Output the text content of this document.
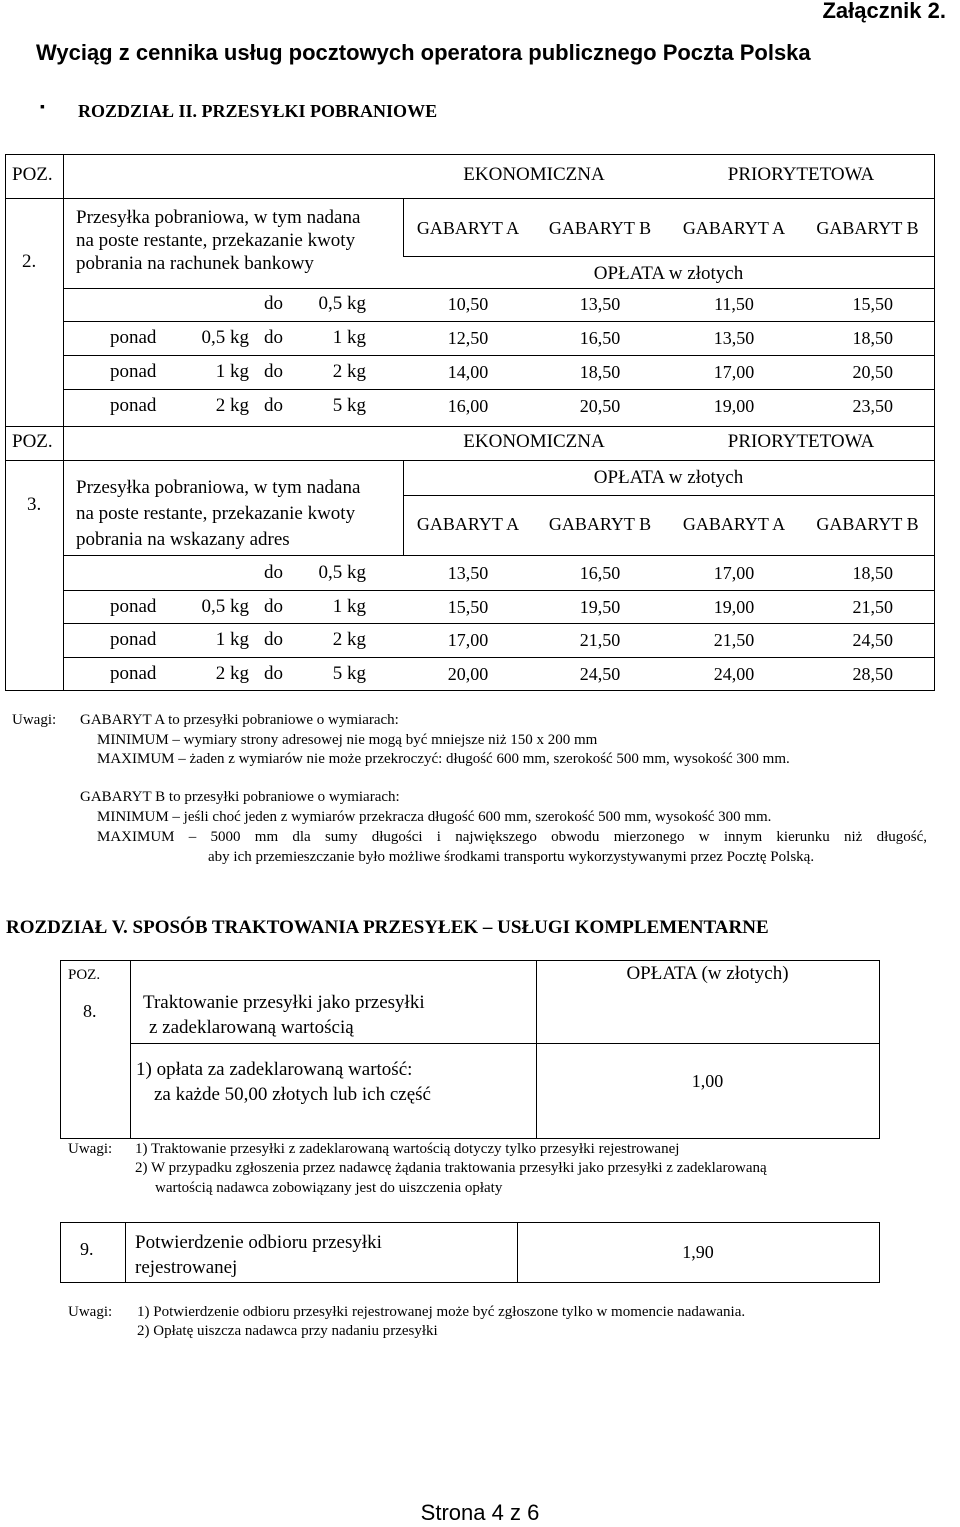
Załącznik 2.
Wyciąg z cennika usług pocztowych operatora publicznego Poczta Polska
▪ ROZDZIAŁ II. PRZESYŁKI POBRANIOWE
POZ.	EKONOMICZNA	PRIORYTETOWA
2.
Przesyłka pobraniowa, w tym nadana
na poste restante, przekazanie kwoty
pobrania na rachunek bankowy
GABARYT A	GABARYT B	GABARYT A	GABARYT B
OPŁATA w złotych
do	0,5 kg	10,50	13,50	11,50	15,50
ponad	0,5 kg do	1 kg	12,50	16,50	13,50	18,50
ponad	1 kg do	2 kg	14,00	18,50	17,00	20,50
ponad	2 kg do	5 kg	16,00	20,50	19,00	23,50
POZ.	EKONOMICZNA	PRIORYTETOWA
3.
Przesyłka pobraniowa, w tym nadana
na poste restante, przekazanie kwoty
pobrania na wskazany adres
OPŁATA w złotych
GABARYT A	GABARYT B	GABARYT A	GABARYT B
do	0,5 kg	13,50	16,50	17,00	18,50
ponad	0,5 kg do	1 kg	15,50	19,50	19,00	21,50
ponad	1 kg do	2 kg	17,00	21,50	21,50	24,50
ponad	2 kg do	5 kg	20,00	24,50	24,00	28,50
Uwagi: GABARYT A to przesyłki pobraniowe o wymiarach:
MINIMUM – wymiary strony adresowej nie mogą być mniejsze niż 150 x 200 mm
MAXIMUM – żaden z wymiarów nie może przekroczyć: długość 600 mm, szerokość 500 mm, wysokość 300 mm.
GABARYT B to przesyłki pobraniowe o wymiarach:
MINIMUM – jeśli choć jeden z wymiarów przekracza długość 600 mm, szerokość 500 mm, wysokość 300 mm.
MAXIMUM – 5000 mm dla sumy długości i największego obwodu mierzonego w innym kierunku niż długość,
aby ich przemieszczanie było możliwe środkami transportu wykorzystywanymi przez Pocztę Polską.
ROZDZIAŁ V. SPOSÓB TRAKTOWANIA PRZESYŁEK – USŁUGI KOMPLEMENTARNE
POZ.	OPŁATA (w złotych)
8. Traktowanie przesyłki jako przesyłki
z zadeklarowaną wartością
1) opłata za zadeklarowaną wartość:
za każde 50,00 złotych lub ich część
1,00
Uwagi: 1) Traktowanie przesyłki z zadeklarowaną wartością dotyczy tylko przesyłki rejestrowanej
2) W przypadku zgłoszenia przez nadawcę żądania traktowania przesyłki jako przesyłki z zadeklarowaną
wartością nadawca zobowiązany jest do uiszczenia opłaty
9. Potwierdzenie odbioru przesyłki
rejestrowanej
1,90
Uwagi: 1) Potwierdzenie odbioru przesyłki rejestrowanej może być zgłoszone tylko w momencie nadawania.
2) Opłatę uiszcza nadawca przy nadaniu przesyłki
Strona 4 z 6
